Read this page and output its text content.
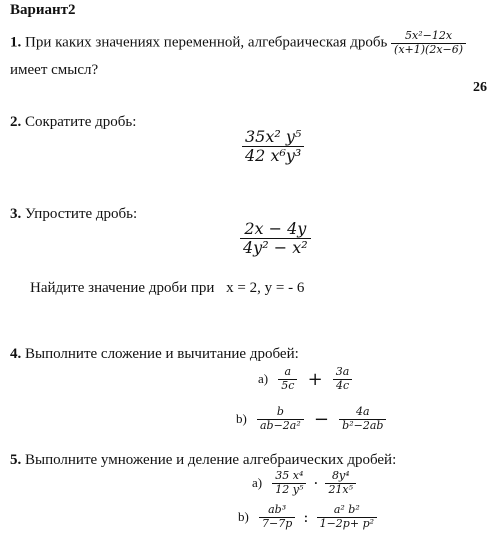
Вариант2
1. При каких значениях переменной, алгебраическая дробь $\frac{\text{5x²−12x}}{(x+1)(2x-6)}$
имеет смысл?
26
2. Сократите дробь:
$\frac{\text{35x² y⁵}}{\text{42 x⁶y³}}$
3. Упростите дробь:
$\frac{2x - 4y}{\text{4y² − x²}}$
Найдите значение дроби при x = 2, y = - 6
4. Выполните сложение и вычитание дробей:
$a) \frac{a}{5c} + \frac{3a}{4c}$
$b) \frac{b}{\text{ab−2a²}} - \frac{4a}{\text{b²−2ab}}$
5. Выполните умножение и деление алгебраических дробей:
$a) \frac{\text{35 x⁴}}{\text{12 y⁵}} \cdot \frac{\text{8y⁴}}{\text{21x⁵}}$
$b) \frac{\text{ab³}}{7-7p}$ : $\frac{\text{a² b²}}{\text{1−2p+ p²}}$
